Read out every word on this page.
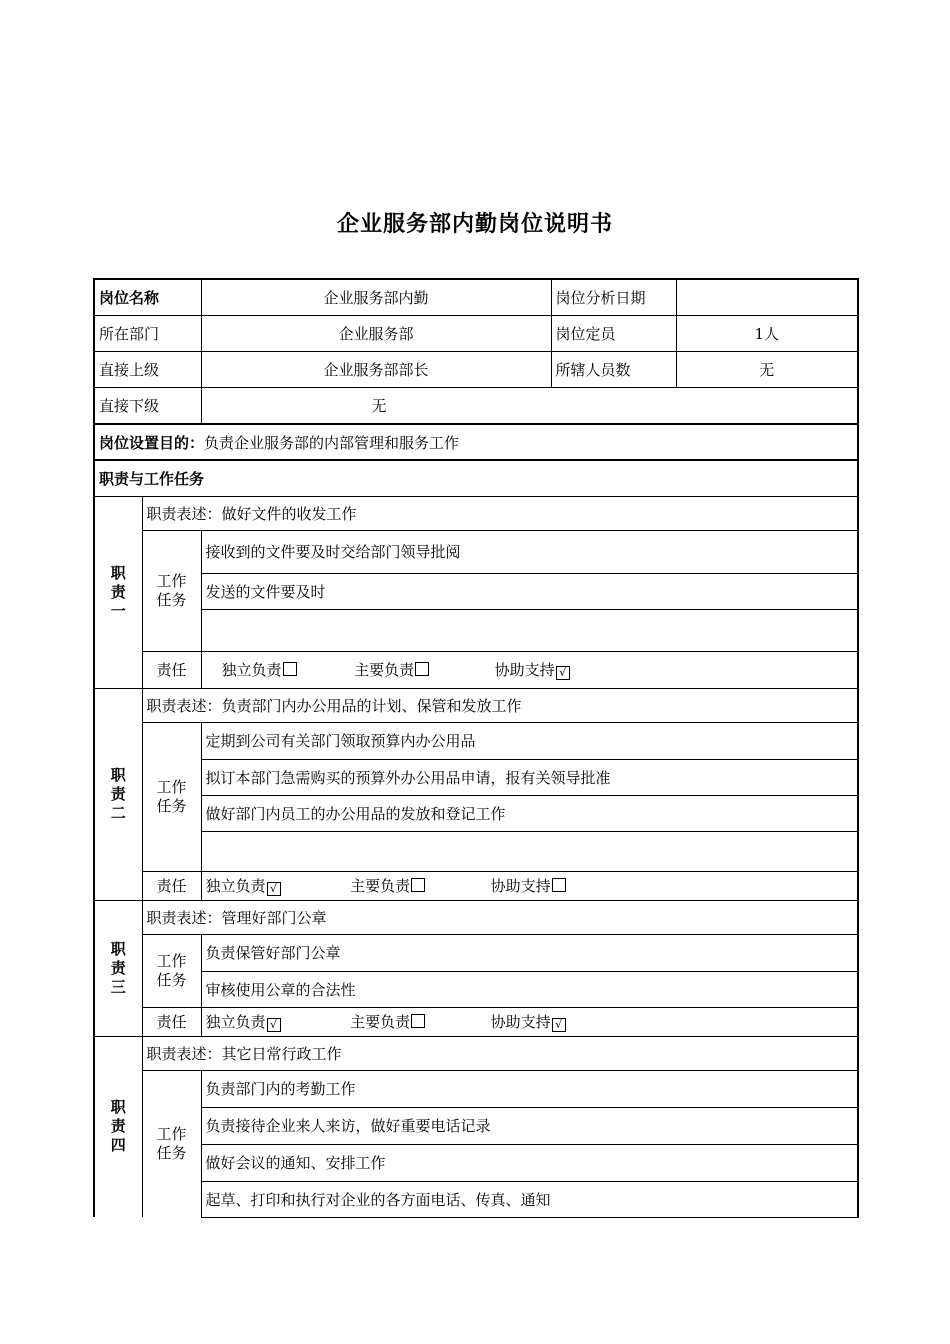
企业服务部内勤岗位说明书
岗位名称		企业服务部内勤	岗位分析日期	
所在部门		企业服务部	岗位定员	1人
直接上级		企业服务部部长	所辖人员数	无
直接下级		无		
岗位设置目的：负责企业服务部的内部管理和服务工作				
职责与工作任务				
职责一	职责表述：做好文件的收发工作			
	工作任务	接收到的文件要及时交给部门领导批阅		
		发送的文件要及时		

	责任	独立负责 主要负责 协助支持 √		
职责二	职责表述：负责部门内办公用品的计划、保管和发放工作			
	工作任务	定期到公司有关部门领取预算内办公用品		
		拟订本部门急需购买的预算外办公用品申请，报有关领导批准		
		做好部门内员工的办公用品的发放和登记工作		

	责任	独立负责 √ 主要负责 协助支持		
职责三	职责表述：管理好部门公章			
	工作任务	负责保管好部门公章		
		审核使用公章的合法性		
	责任	独立负责 √ 主要负责 协助支持 √		
职责四	职责表述：其它日常行政工作			
	工作任务	负责部门内的考勤工作		
		负责接待企业来人来访，做好重要电话记录		
		做好会议的通知、安排工作		
		起草、打印和执行对企业的各方面电话、传真、通知		
